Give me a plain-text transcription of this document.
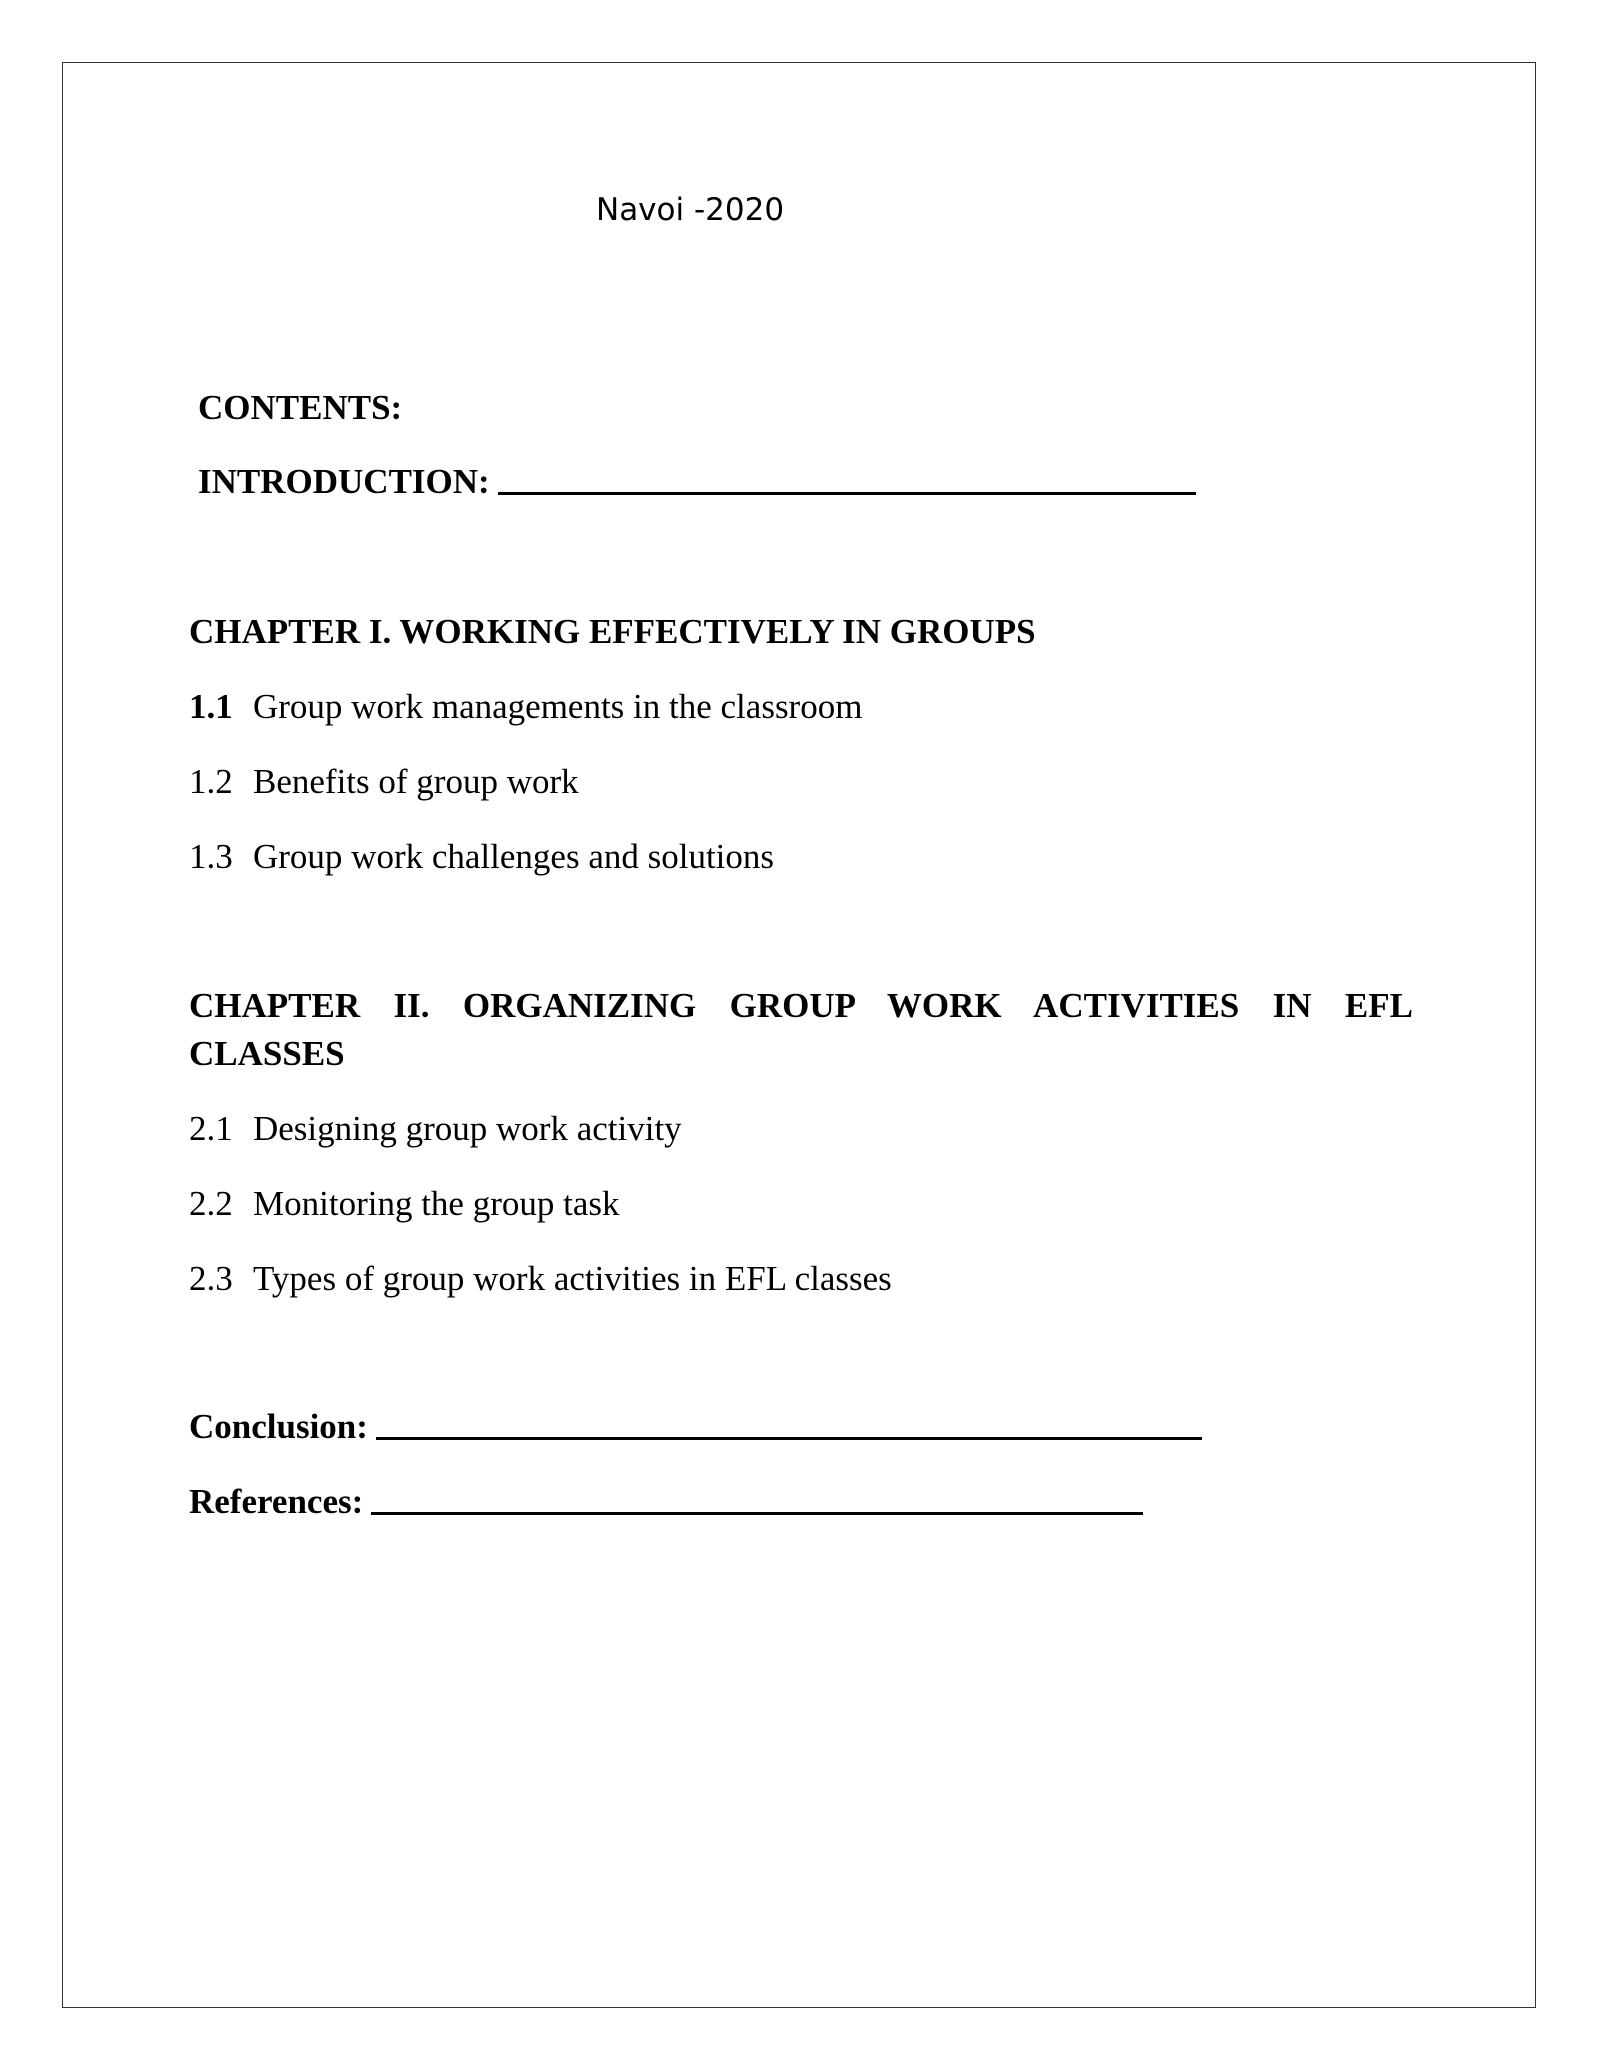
Navoi -2020
CONTENTS:
INTRODUCTION:
CHAPTER I. WORKING EFFECTIVELY IN GROUPS
1.1 Group work managements in the classroom
1.2 Benefits of group work
1.3 Group work challenges and solutions
CHAPTER II. ORGANIZING GROUP WORK ACTIVITIES IN EFL CLASSES
2.1 Designing group work activity
2.2 Monitoring the group task
2.3 Types of group work activities in EFL classes
Conclusion:
References:
